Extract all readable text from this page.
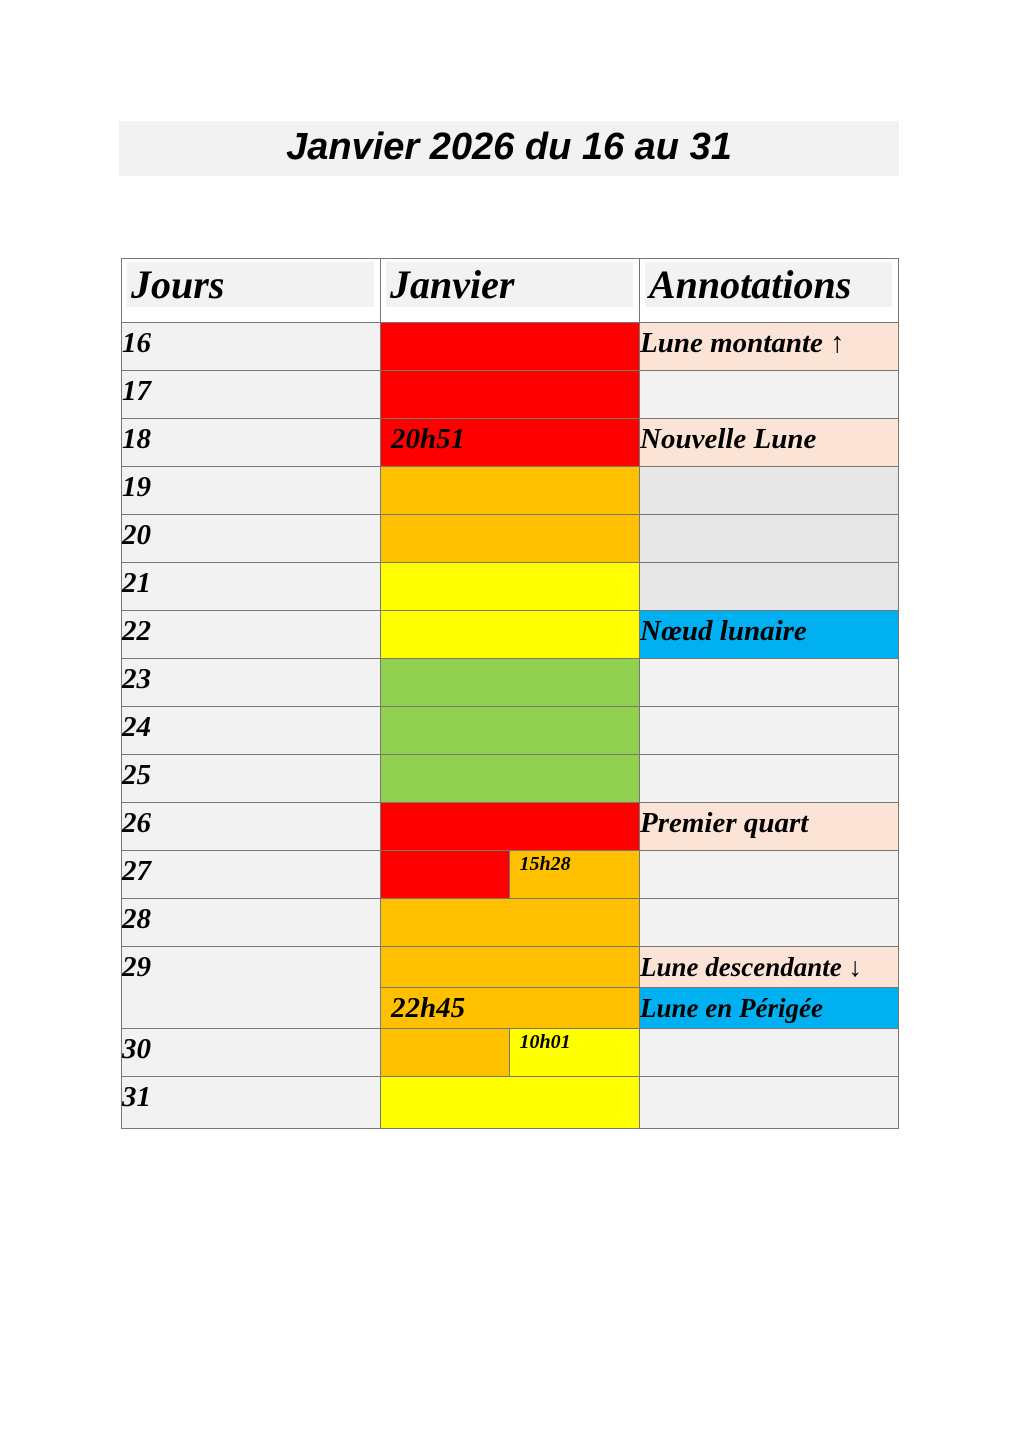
Janvier 2026 du 16 au 31
Jours	Janvier	Annotations

16		Lune montante ↑
17		
18	20h51	Nouvelle Lune
19		
20		
21		
22		Nœud lunaire
23		
24		
25		
26		Premier quart
27	15h28	

28		
29		Lune descendante ↓
	22h45	Lune en Périgée
30	10h01	

31		
